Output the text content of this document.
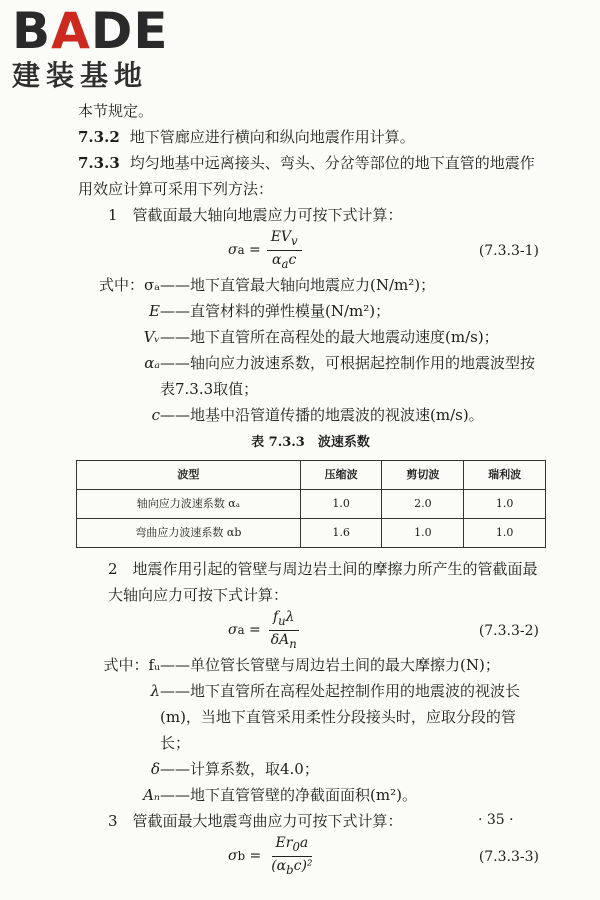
BADE
建装基地

本节规定。

7.3.2 地下管廊应进行横向和纵向地震作用计算。

7.3.3 均匀地基中远离接头、弯头、分岔等部位的地下直管的地震作用效应计算可采用下列方法：

1　管截面最大轴向地震应力可按下式计算：

σ $a = \frac{EV_v}{\alpha_ac}$	(7.3.3-1)
式中：σₐ ——地下直管最大轴向地震应力(N/m²)；
E ——直管材料的弹性模量(N/m²)；
Vᵥ ——地下直管所在高程处的最大地震动速度(m/s)；
αₐ ——轴向应力波速系数，可根据起控制作用的地震波型按表7.3.3取值；
c ——地基中沿管道传播的地震波的视波速(m/s)。
表 7.3.3　波速系数
波型	压缩波	剪切波	瑞利波
轴向应力波速系数 αₐ	1.0	2.0	1.0
弯曲应力波速系数 αb	1.6	1.0	1.0

2　地震作用引起的管壁与周边岩土间的摩擦力所产生的管截面最大轴向应力可按下式计算：

σ $a = \frac{f_u\lambda}{\delta A_n}$	(7.3.3-2)
式中：fᵤ ——单位管长管壁与周边岩土间的最大摩擦力(N)；
λ ——地下直管所在高程处起控制作用的地震波的视波长(m)，当地下直管采用柔性分段接头时，应取分段的管长；
δ ——计算系数，取4.0；
Aₙ ——地下直管管壁的净截面面积(m²)。

3　管截面最大地震弯曲应力可按下式计算：

σ $b = \frac{Er_0a}{(\alpha_bc)^2}$	(7.3.3-3)
· 35 ·
